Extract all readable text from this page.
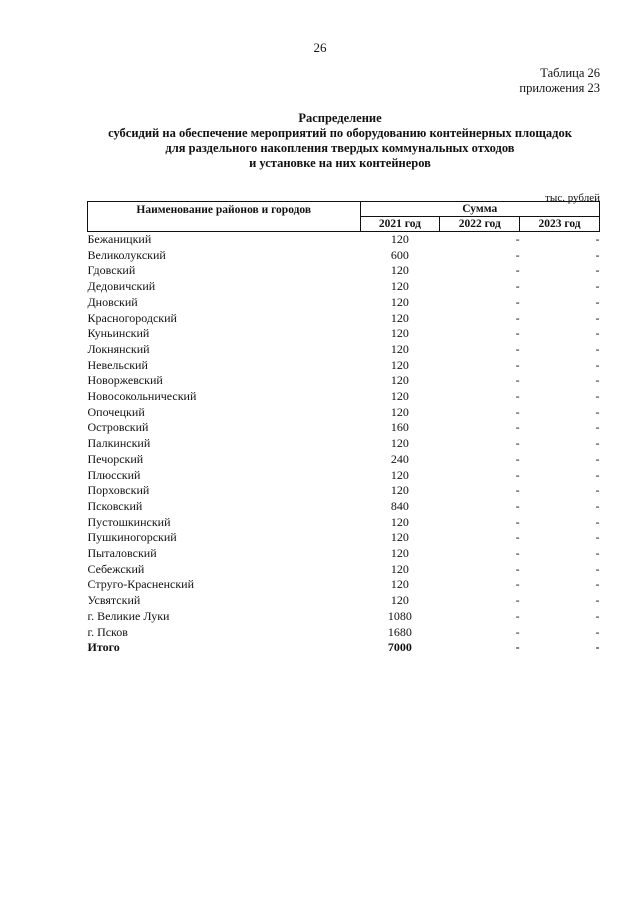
26
Таблица 26
приложения 23
Распределение
субсидий на обеспечение мероприятий по оборудованию контейнерных площадок
для раздельного накопления твердых коммунальных отходов
и установке на них контейнеров
тыс. рублей
Наименование районов и городов	Сумма		
	2021 год	2022 год	2023 год
Бежаницкий	120	-	-
Великолукский	600	-	-
Гдовский	120	-	-
Дедовичский	120	-	-
Дновский	120	-	-
Красногородский	120	-	-
Куньинский	120	-	-
Локнянский	120	-	-
Невельский	120	-	-
Новоржевский	120	-	-
Новосокольнический	120	-	-
Опочецкий	120	-	-
Островский	160	-	-
Палкинский	120	-	-
Печорский	240	-	-
Плюсский	120	-	-
Порховский	120	-	-
Псковский	840	-	-
Пустошкинский	120	-	-
Пушкиногорский	120	-	-
Пыталовский	120	-	-
Себежский	120	-	-
Струго-Красненский	120	-	-
Усвятский	120	-	-
г. Великие Луки	1080	-	-
г. Псков	1680	-	-
Итого	7000	-	-
